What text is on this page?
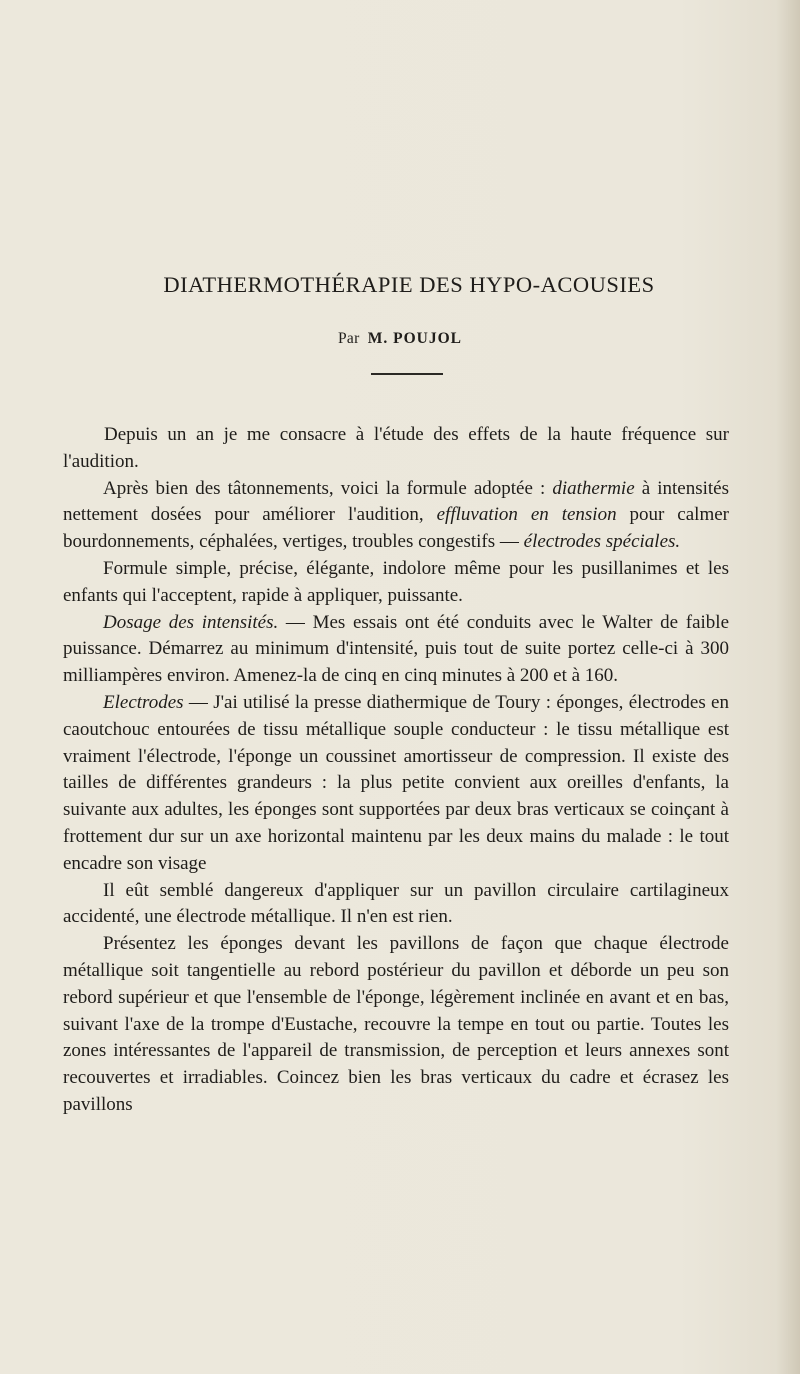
DIATHERMOTHÉRAPIE DES HYPO-ACOUSIES
Par M. POUJOL

Depuis un an je me consacre à l'étude des effets de la haute fréquence sur l'audition.

Après bien des tâtonnements, voici la formule adoptée : diathermie à intensités nettement dosées pour améliorer l'audition, effluvation en tension pour calmer bourdonnements, céphalées, vertiges, troubles congestifs — électrodes spéciales.

Formule simple, précise, élégante, indolore même pour les pusillanimes et les enfants qui l'acceptent, rapide à appliquer, puissante.

Dosage des intensités. — Mes essais ont été conduits avec le Walter de faible puissance. Démarrez au minimum d'intensité, puis tout de suite portez celle-ci à 300 milliampères environ. Amenez-la de cinq en cinq minutes à 200 et à 160.

Electrodes — J'ai utilisé la presse diathermique de Toury : éponges, électrodes en caoutchouc entourées de tissu métallique souple conducteur : le tissu métallique est vraiment l'électrode, l'éponge un coussinet amortisseur de compression. Il existe des tailles de différentes grandeurs : la plus petite convient aux oreilles d'enfants, la suivante aux adultes, les éponges sont supportées par deux bras verticaux se coinçant à frottement dur sur un axe horizontal maintenu par les deux mains du malade : le tout encadre son visage

Il eût semblé dangereux d'appliquer sur un pavillon circulaire cartilagineux accidenté, une électrode métallique. Il n'en est rien.

Présentez les éponges devant les pavillons de façon que chaque électrode métallique soit tangentielle au rebord postérieur du pavillon et déborde un peu son rebord supérieur et que l'ensemble de l'éponge, légèrement inclinée en avant et en bas, suivant l'axe de la trompe d'Eustache, recouvre la tempe en tout ou partie. Toutes les zones intéressantes de l'appareil de transmission, de perception et leurs annexes sont recouvertes et irradiables. Coincez bien les bras verticaux du cadre et écrasez les pavillons
